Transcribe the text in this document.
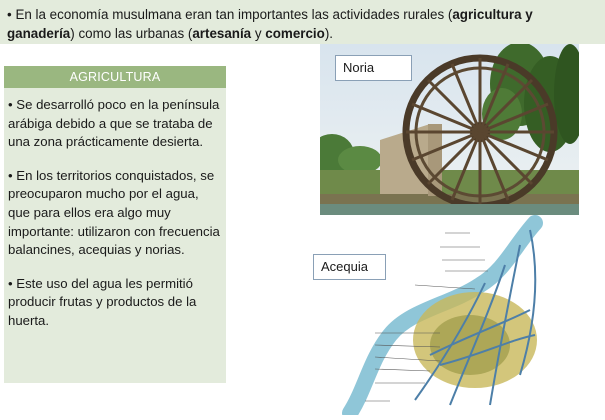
• En la economía musulmana eran tan importantes las actividades rurales (agricultura y ganadería) como las urbanas (artesanía y comercio).
AGRICULTURA

• Se desarrolló poco en la península arábiga debido a que se trataba de una zona prácticamente desierta.

• En los territorios conquistados, se preocuparon mucho por el agua, que para ellos era algo muy importante: utilizaron con frecuencia balancines, acequias y norias.

• Este uso del agua les permitió producir frutas y productos de la huerta.

Noria
Acequia
